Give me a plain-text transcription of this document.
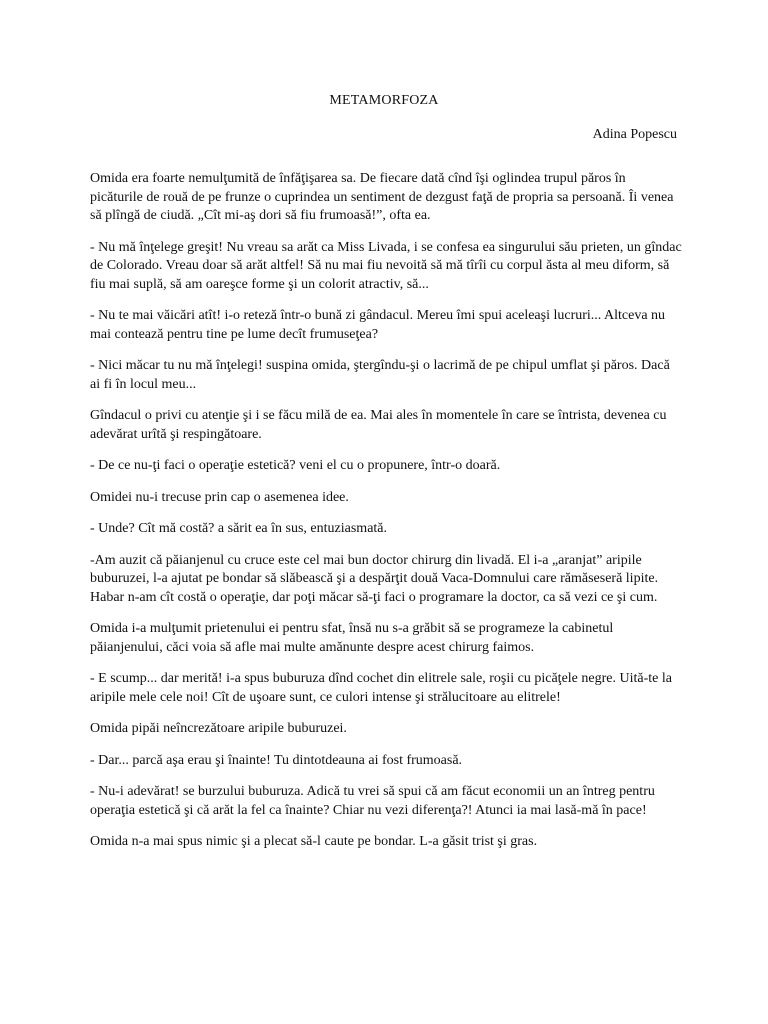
METAMORFOZA
Adina Popescu

Omida era foarte nemulţumită de înfăţişarea sa. De fiecare dată cînd îşi oglindea trupul păros în picăturile de rouă de pe frunze o cuprindea un sentiment de dezgust faţă de propria sa persoană. Îi venea să plîngă de ciudă. „Cît mi-aş dori să fiu frumoasă!”, ofta ea.

- Nu mă înţelege greşit! Nu vreau sa arăt ca Miss Livada, i se confesa ea singurului său prieten, un gîndac de Colorado. Vreau doar să arăt altfel! Să nu mai fiu nevoită să mă tîrîi cu corpul ăsta al meu diform, să fiu mai suplă, să am oareşce forme şi un colorit atractiv, să...

- Nu te mai văicări atît! i-o reteză într-o bună zi gândacul. Mereu îmi spui aceleaşi lucruri... Altceva nu mai contează pentru tine pe lume decît frumuseţea?

- Nici măcar tu nu mă înţelegi! suspina omida, ştergîndu-şi o lacrimă de pe chipul umflat şi păros. Dacă ai fi în locul meu...

Gîndacul o privi cu atenţie şi i se făcu milă de ea. Mai ales în momentele în care se întrista, devenea cu adevărat urîtă şi respingătoare.

- De ce nu-ţi faci o operaţie estetică? veni el cu o propunere, într-o doară.

Omidei nu-i trecuse prin cap o asemenea idee.

- Unde? Cît mă costă? a sărit ea în sus, entuziasmată.

-Am auzit că păianjenul cu cruce este cel mai bun doctor chirurg din livadă. El i-a „aranjat” aripile buburuzei, l-a ajutat pe bondar să slăbească şi a despărţit două Vaca-Domnului care rămăseseră lipite. Habar n-am cît costă o operaţie, dar poţi măcar să-ţi faci o programare la doctor, ca să vezi ce şi cum.

Omida i-a mulţumit prietenului ei pentru sfat, însă nu s-a grăbit să se programeze la cabinetul păianjenului, căci voia să afle mai multe amănunte despre acest chirurg faimos.

- E scump... dar merită! i-a spus buburuza dînd cochet din elitrele sale, roşii cu picăţele negre. Uită-te la aripile mele cele noi! Cît de uşoare sunt, ce culori intense şi strălucitoare au elitrele!

Omida pipăi neîncrezătoare aripile buburuzei.

- Dar... parcă aşa erau şi înainte! Tu dintotdeauna ai fost frumoasă.

- Nu-i adevărat! se burzului buburuza. Adică tu vrei să spui că am făcut economii un an întreg pentru operaţia estetică şi că arăt la fel ca înainte? Chiar nu vezi diferenţa?! Atunci ia mai lasă-mă în pace!

Omida n-a mai spus nimic şi a plecat să-l caute pe bondar. L-a găsit trist şi gras.
